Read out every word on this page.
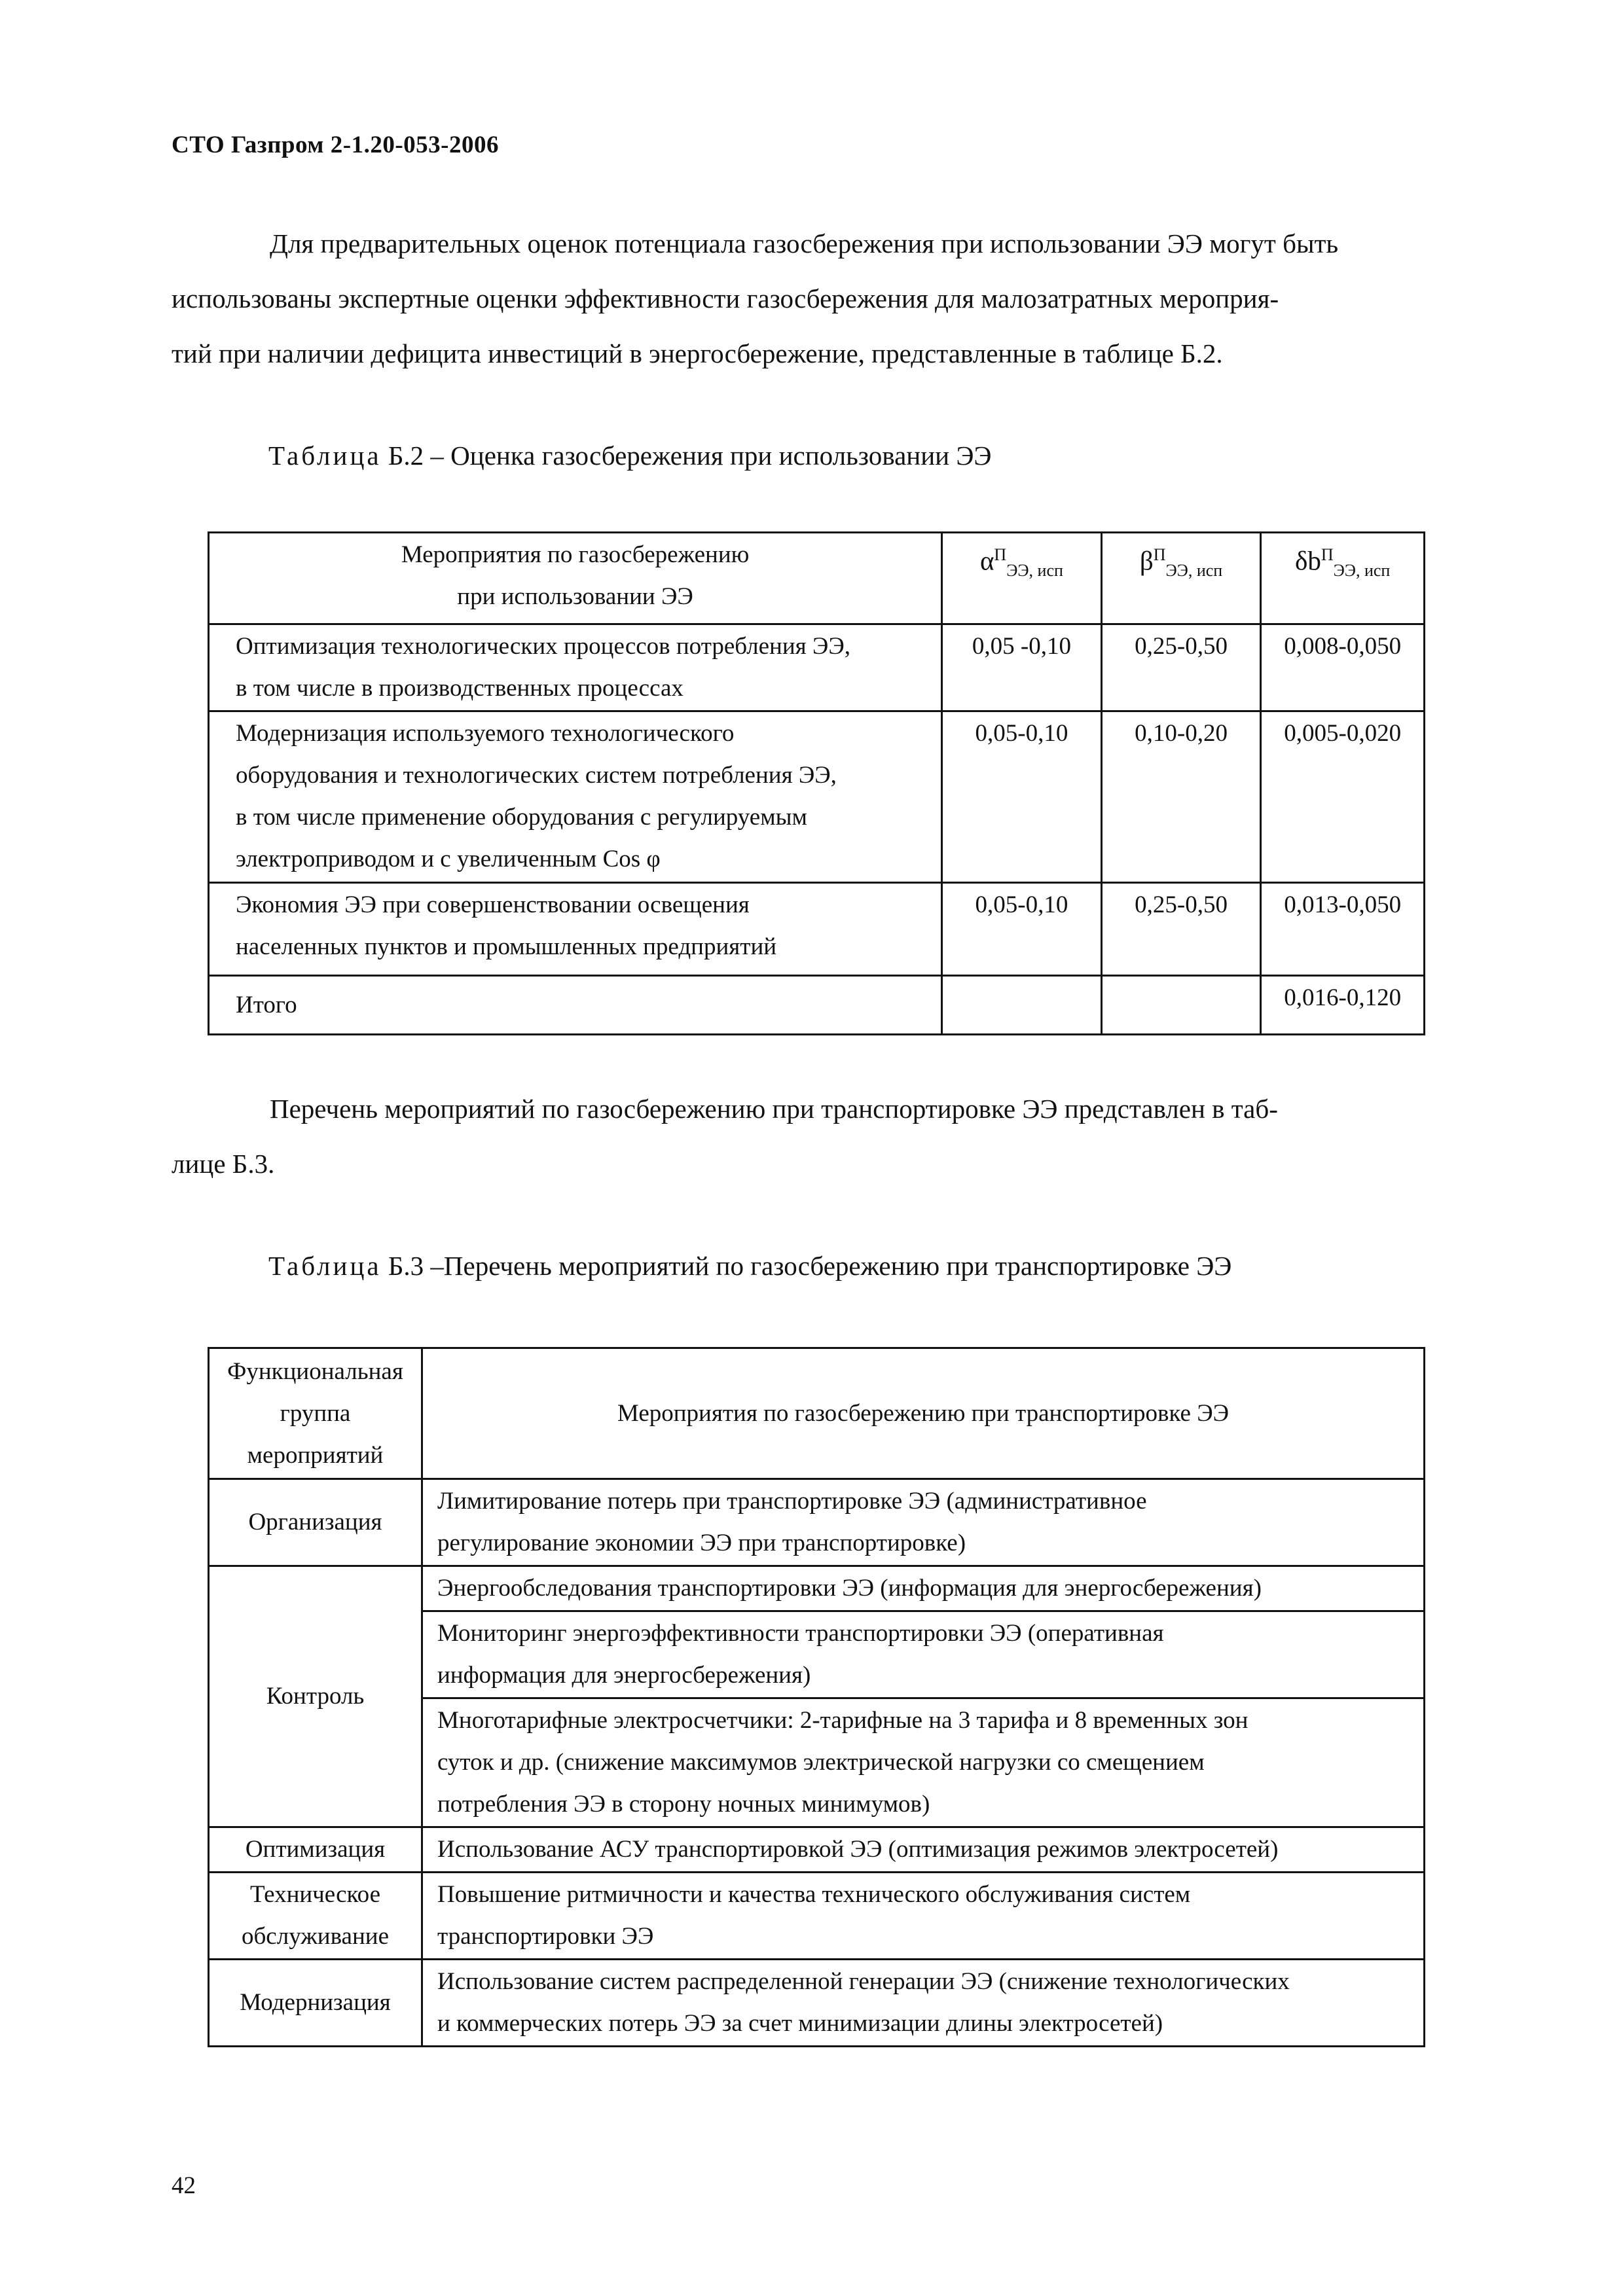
СТО Газпром 2-1.20-053-2006

Для предварительных оценок потенциала газосбережения при использовании ЭЭ могут быть
использованы экспертные оценки эффективности газосбережения для малозатратных мероприя-
тий при наличии дефицита инвестиций в энергосбережение, представленные в таблице Б.2.

Таблица Б.2 – Оценка газосбережения при использовании ЭЭ
Мероприятия по газосбережению
при использовании ЭЭ	$\alpha^П_{ЭЭ, исп}$	$\beta^П_{ЭЭ, исп}$	$\delta b^П_{ЭЭ, исп}$
Оптимизация технологических процессов потребления ЭЭ,
в том числе в производственных процессах	0,05 -0,10	0,25-0,50	0,008-0,050
Модернизация используемого технологического
оборудования и технологических систем потребления ЭЭ,
в том числе применение оборудования с регулируемым
электроприводом и с увеличенным Cos φ	0,05-0,10	0,10-0,20	0,005-0,020
Экономия ЭЭ при совершенствовании освещения
населенных пунктов и промышленных предприятий	0,05-0,10	0,25-0,50	0,013-0,050
Итого			0,016-0,120

Перечень мероприятий по газосбережению при транспортировке ЭЭ представлен в таб-
лице Б.3.

Таблица Б.3 –Перечень мероприятий по газосбережению при транспортировке ЭЭ
Функциональная
группа
мероприятий	Мероприятия по газосбережению при транспортировке ЭЭ
Организация	Лимитирование потерь при транспортировке ЭЭ (административное
регулирование экономии ЭЭ при транспортировке)
Контроль	Энергообследования транспортировки ЭЭ (информация для энергосбережения)
	Мониторинг энергоэффективности транспортировки ЭЭ (оперативная
информация для энергосбережения)
	Многотарифные электросчетчики: 2-тарифные на 3 тарифа и 8 временных зон
суток и др. (снижение максимумов электрической нагрузки со смещением
потребления ЭЭ в сторону ночных минимумов)
Оптимизация	Использование АСУ транспортировкой ЭЭ (оптимизация режимов электросетей)
Техническое
обслуживание	Повышение ритмичности и качества технического обслуживания систем
транспортировки ЭЭ
Модернизация	Использование систем распределенной генерации ЭЭ (снижение технологических
и коммерческих потерь ЭЭ за счет минимизации длины электросетей)
42
